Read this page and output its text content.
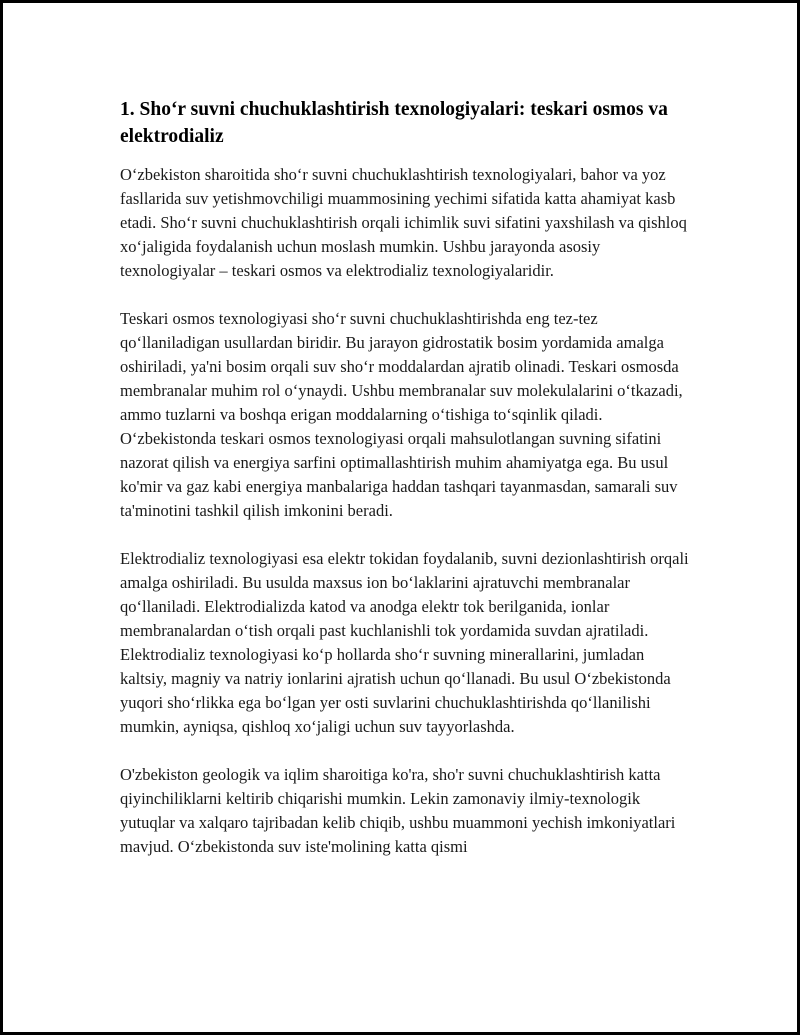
1. Sho‘r suvni chuchuklashtirish texnologiyalari: teskari osmos va elektrodializ

O‘zbekiston sharoitida sho‘r suvni chuchuklashtirish texnologiyalari, bahor va yoz fasllarida suv yetishmovchiligi muammosining yechimi sifatida katta ahamiyat kasb etadi. Sho‘r suvni chuchuklashtirish orqali ichimlik suvi sifatini yaxshilash va qishloq xo‘jaligida foydalanish uchun moslash mumkin. Ushbu jarayonda asosiy texnologiyalar – teskari osmos va elektrodializ texnologiyalaridir.

Teskari osmos texnologiyasi sho‘r suvni chuchuklashtirishda eng tez-tez qo‘llaniladigan usullardan biridir. Bu jarayon gidrostatik bosim yordamida amalga oshiriladi, ya'ni bosim orqali suv sho‘r moddalardan ajratib olinadi. Teskari osmosda membranalar muhim rol o‘ynaydi. Ushbu membranalar suv molekulalarini o‘tkazadi, ammo tuzlarni va boshqa erigan moddalarning o‘tishiga to‘sqinlik qiladi. O‘zbekistonda teskari osmos texnologiyasi orqali mahsulotlangan suvning sifatini nazorat qilish va energiya sarfini optimallashtirish muhim ahamiyatga ega. Bu usul ko'mir va gaz kabi energiya manbalariga haddan tashqari tayanmasdan, samarali suv ta'minotini tashkil qilish imkonini beradi.

Elektrodializ texnologiyasi esa elektr tokidan foydalanib, suvni dezionlashtirish orqali amalga oshiriladi. Bu usulda maxsus ion bo‘laklarini ajratuvchi membranalar qo‘llaniladi. Elektrodializda katod va anodga elektr tok berilganida, ionlar membranalardan o‘tish orqali past kuchlanishli tok yordamida suvdan ajratiladi. Elektrodializ texnologiyasi ko‘p hollarda sho‘r suvning minerallarini, jumladan kaltsiy, magniy va natriy ionlarini ajratish uchun qo‘llanadi. Bu usul O‘zbekistonda yuqori sho‘rlikka ega bo‘lgan yer osti suvlarini chuchuklashtirishda qo‘llanilishi mumkin, ayniqsa, qishloq xo‘jaligi uchun suv tayyorlashda.

O'zbekiston geologik va iqlim sharoitiga ko'ra, sho'r suvni chuchuklashtirish katta qiyinchiliklarni keltirib chiqarishi mumkin. Lekin zamonaviy ilmiy-texnologik yutuqlar va xalqaro tajribadan kelib chiqib, ushbu muammoni yechish imkoniyatlari mavjud. O‘zbekistonda suv iste'molining katta qismi
